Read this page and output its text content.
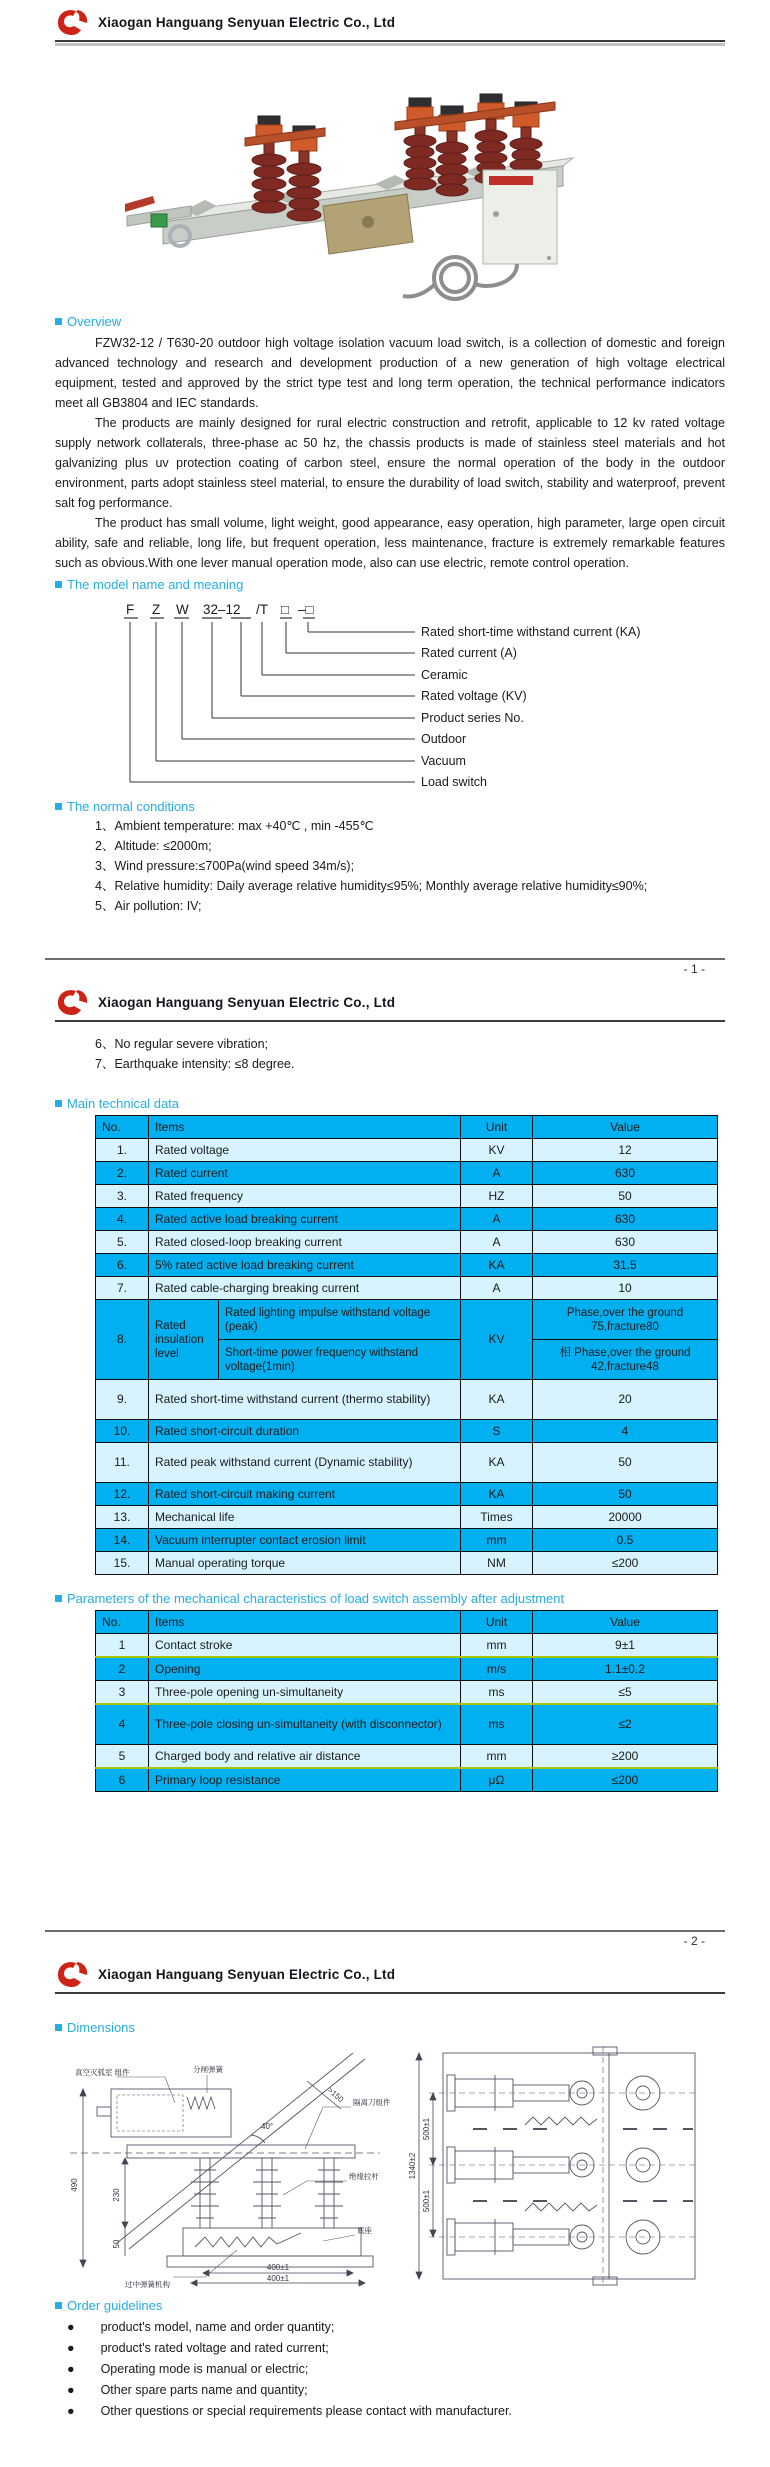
Xiaogan Hanguang Senyuan Electric Co., Ltd
Overview

FZW32-12 / T630-20 outdoor high voltage isolation vacuum load switch, is a collection of domestic and foreign advanced technology and research and development production of a new generation of high voltage electrical equipment, tested and approved by the strict type test and long term operation, the technical performance indicators meet all GB3804 and IEC standards.

The products are mainly designed for rural electric construction and retrofit, applicable to 12 kv rated voltage supply network collaterals, three-phase ac 50 hz, the chassis products is made of stainless steel materials and hot galvanizing plus uv protection coating of carbon steel, ensure the normal operation of the body in the outdoor environment, parts adopt stainless steel material, to ensure the durability of load switch, stability and waterproof, prevent salt fog performance.

The product has small volume, light weight, good appearance, easy operation, high parameter, large open circuit ability, safe and reliable, long life, but frequent operation, less maintenance, fracture is extremely remarkable features such as obvious.With one lever manual operation mode, also can use electric, remote control operation.

The model name and meaning
F Z W 32–12 /T □ –□
Rated short-time withstand current (KA)
Rated current (A)
Ceramic
Rated voltage (KV)
Product series No.
Outdoor
Vacuum
Load switch
The normal conditions

1、Ambient temperature: max +40℃ , min -455℃

2、Altitude: ≤2000m;

3、Wind pressure:≤700Pa(wind speed 34m/s);

4、Relative humidity: Daily average relative humidity≤95%; Monthly average relative humidity≤90%;

5、Air pollution: IV;

- 1 -
Xiaogan Hanguang Senyuan Electric Co., Ltd

6、No regular severe vibration;

7、Earthquake intensity: ≤8 degree.

Main technical data
No.	Items		Unit	Value
1.	Rated voltage		KV	12
2.	Rated current		A	630
3.	Rated frequency		HZ	50
4.	Rated active load breaking current		A	630
5.	Rated closed-loop breaking current		A	630
6.	5% rated active load breaking current		KA	31.5
7.	Rated cable-charging breaking current		A	10
8.	Rated insulation level	Rated lighting impulse withstand voltage (peak)	KV	Phase,over the ground 75,fracture80
		Short-time power frequency withstand voltage(1min)		相 Phase,over the ground 42,fracture48
9.	Rated short-time withstand current (thermo stability)		KA	20
10.	Rated short-circuit duration		S	4
11.	Rated peak withstand current (Dynamic stability)		KA	50
12.	Rated short-circuit making current		KA	50
13.	Mechanical life		Times	20000
14.	Vacuum interrupter contact erosion limit		mm	0.5
15.	Manual operating torque		NM	≤200
Parameters of the mechanical characteristics of load switch assembly after adjustment
No.	Items	Unit	Value
1	Contact stroke	mm	9±1
2	Opening	m/s	1.1±0.2
3	Three-pole opening un-simultaneity	ms	≤5
4	Three-pole closing un-simultaneity (with disconnector)	ms	≤2
5	Charged body and relative air distance	mm	≥200
6	Primary loop resistance	μΩ	≤200
- 2 -
Xiaogan Hanguang Senyuan Electric Co., Ltd
Dimensions
490
230
50
40°
>150
400±1
400±1
真空灭弧室 组件	分闸弹簧
隔离刀组件
绝缘拉杆
底座
过中弹簧机构
1340±2
500±1
500±1
Order guidelines
● product's model, name and order quantity;
● product's rated voltage and rated current;
● Operating mode is manual or electric;
● Other spare parts name and quantity;
● Other questions or special requirements please contact with manufacturer.
